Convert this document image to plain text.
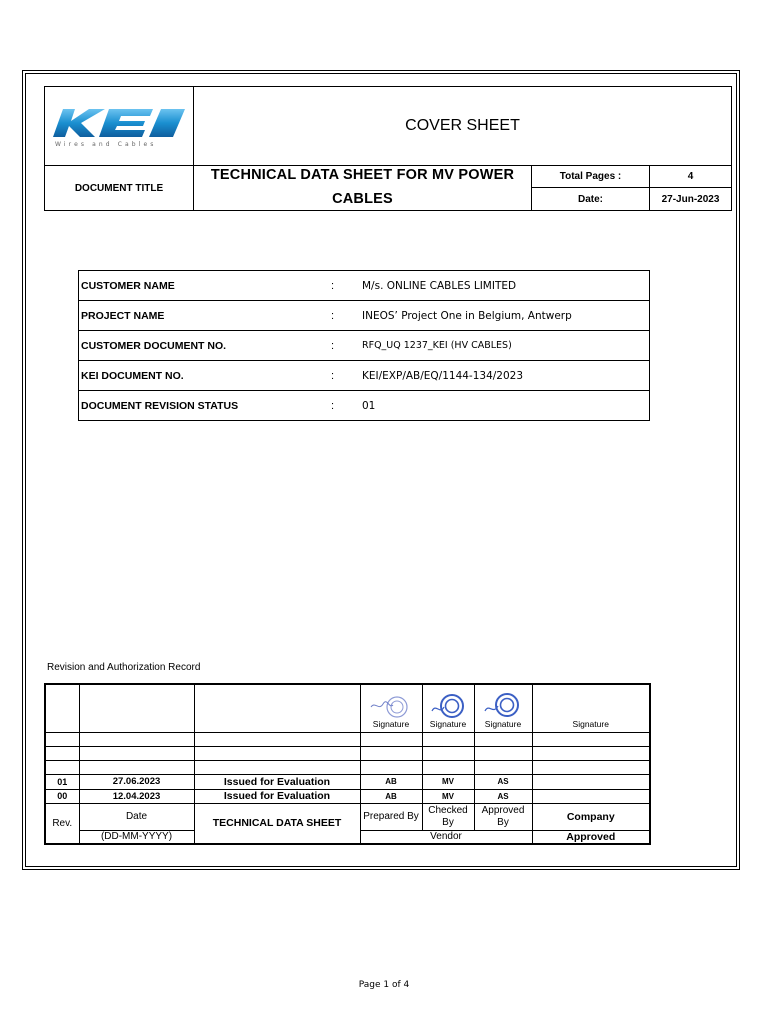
Wires and Cables
COVER SHEET
DOCUMENT TITLE
TECHNICAL DATA SHEET FOR MV POWER
CABLES
Total Pages :	4
Date:	27-Jun-2023
CUSTOMER NAME	:	M/s. ONLINE CABLES LIMITED
PROJECT NAME	:	INEOS’ Project One in Belgium, Antwerp
CUSTOMER DOCUMENT NO.	:	RFQ_UQ 1237_KEI (HV CABLES)
KEI DOCUMENT NO.	:	KEI/EXP/AB/EQ/1144-134/2023
DOCUMENT REVISION STATUS	:	01
Revision and Authorization Record

			Signature	Signature	Signature	Signature

01	27.06.2023	Issued for Evaluation	AB	MV	AS	
00	12.04.2023	Issued for Evaluation	AB	MV	AS	
Rev.	Date	TECHNICAL DATA SHEET	Prepared By	Checked By	Approved By	Company
	(DD-MM-YYYY)		Vendor			Approved
Page 1 of 4
